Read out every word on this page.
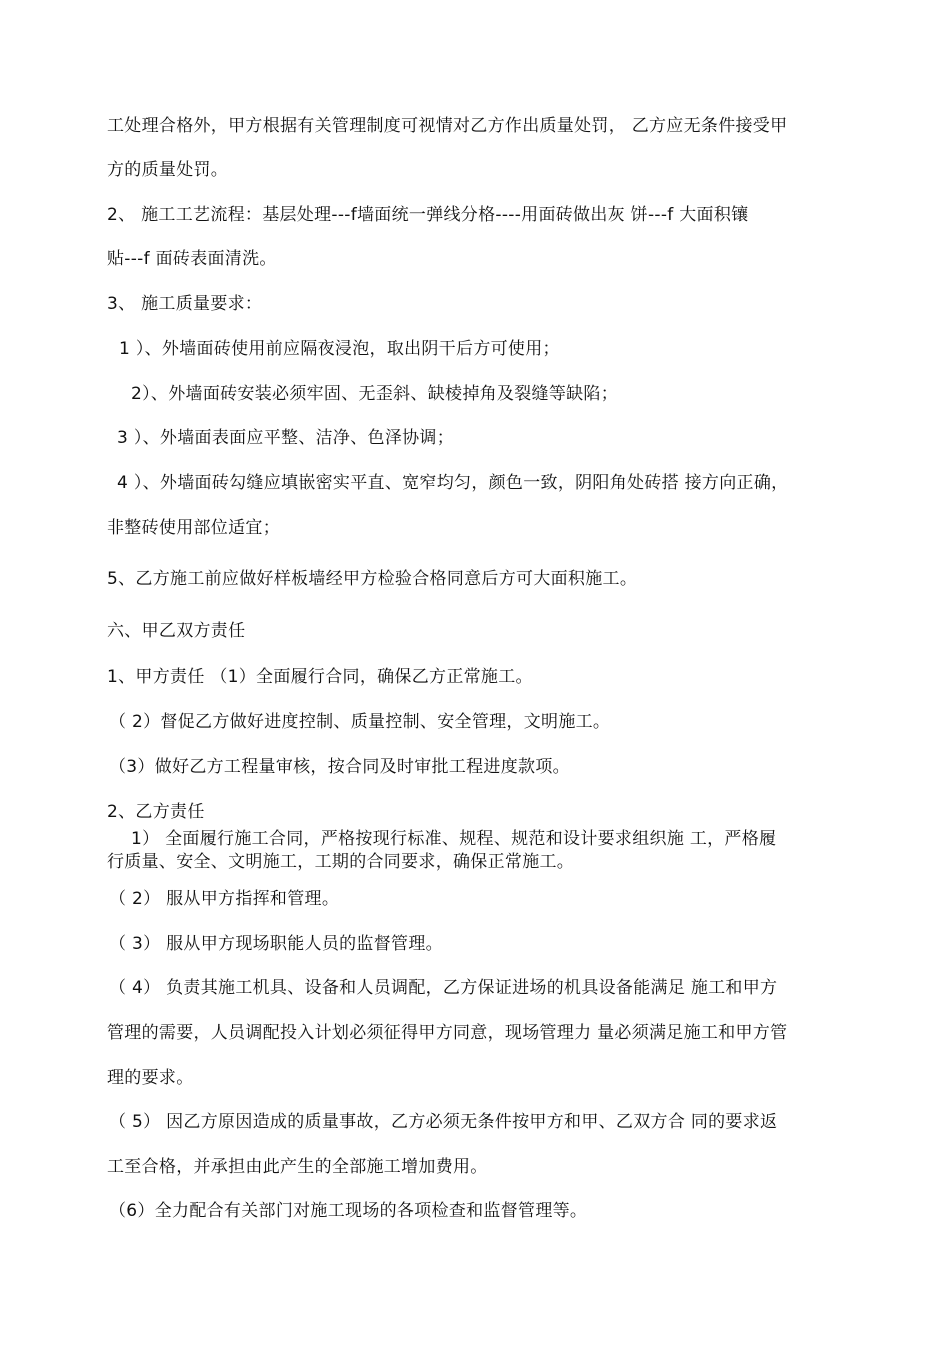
工处理合格外，甲方根据有关管理制度可视情对乙方作出质量处罚， 乙方应无条件接受甲
方的质量处罚。
2、 施工工艺流程：基层处理---f墙面统一弹线分格----用面砖做出灰 饼---f 大面积镶
贴---f 面砖表面清洗。
3、 施工质量要求：
1 ）、外墙面砖使用前应隔夜浸泡，取出阴干后方可使用；
2）、外墙面砖安装必须牢固、无歪斜、缺棱掉角及裂缝等缺陷；
3 ）、外墙面表面应平整、洁净、色泽协调；
4 ）、外墙面砖勾缝应填嵌密实平直、宽窄均匀，颜色一致，阴阳角处砖搭 接方向正确，
非整砖使用部位适宜；
5、乙方施工前应做好样板墙经甲方检验合格同意后方可大面积施工。
六、甲乙双方责任
1、甲方责任 （1）全面履行合同，确保乙方正常施工。
（ 2）督促乙方做好进度控制、质量控制、安全管理，文明施工。
（3）做好乙方工程量审核，按合同及时审批工程进度款项。
2、乙方责任
1） 全面履行施工合同，严格按现行标准、规程、规范和设计要求组织施 工，严格履
行质量、安全、文明施工，工期的合同要求，确保正常施工。
（ 2） 服从甲方指挥和管理。
（ 3） 服从甲方现场职能人员的监督管理。
（ 4） 负责其施工机具、设备和人员调配，乙方保证进场的机具设备能满足 施工和甲方
管理的需要，人员调配投入计划必须征得甲方同意，现场管理力 量必须满足施工和甲方管
理的要求。
（ 5） 因乙方原因造成的质量事故，乙方必须无条件按甲方和甲、乙双方合 同的要求返
工至合格，并承担由此产生的全部施工增加费用。
（6）全力配合有关部门对施工现场的各项检查和监督管理等。
